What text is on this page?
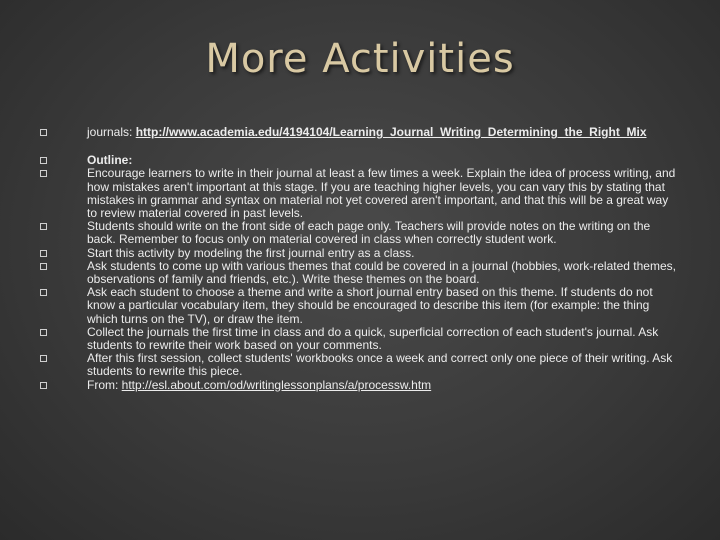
More Activities
journals: http://www.academia.edu/4194104/Learning_Journal_Writing_Determining_the_Right_Mix
Outline:
Encourage learners to write in their journal at least a few times a week. Explain the idea of process writing, and how mistakes aren't important at this stage. If you are teaching higher levels, you can vary this by stating that mistakes in grammar and syntax on material not yet covered aren't important, and that this will be a great way to review material covered in past levels.
Students should write on the front side of each page only. Teachers will provide notes on the writing on the back. Remember to focus only on material covered in class when correctly student work.
Start this activity by modeling the first journal entry as a class.
Ask students to come up with various themes that could be covered in a journal (hobbies, work-related themes, observations of family and friends, etc.). Write these themes on the board.
Ask each student to choose a theme and write a short journal entry based on this theme. If students do not know a particular vocabulary item, they should be encouraged to describe this item (for example: the thing which turns on the TV), or draw the item.
Collect the journals the first time in class and do a quick, superficial correction of each student's journal. Ask students to rewrite their work based on your comments.
After this first session, collect students' workbooks once a week and correct only one piece of their writing. Ask students to rewrite this piece.
From: http://esl.about.com/od/writinglessonplans/a/processw.htm
